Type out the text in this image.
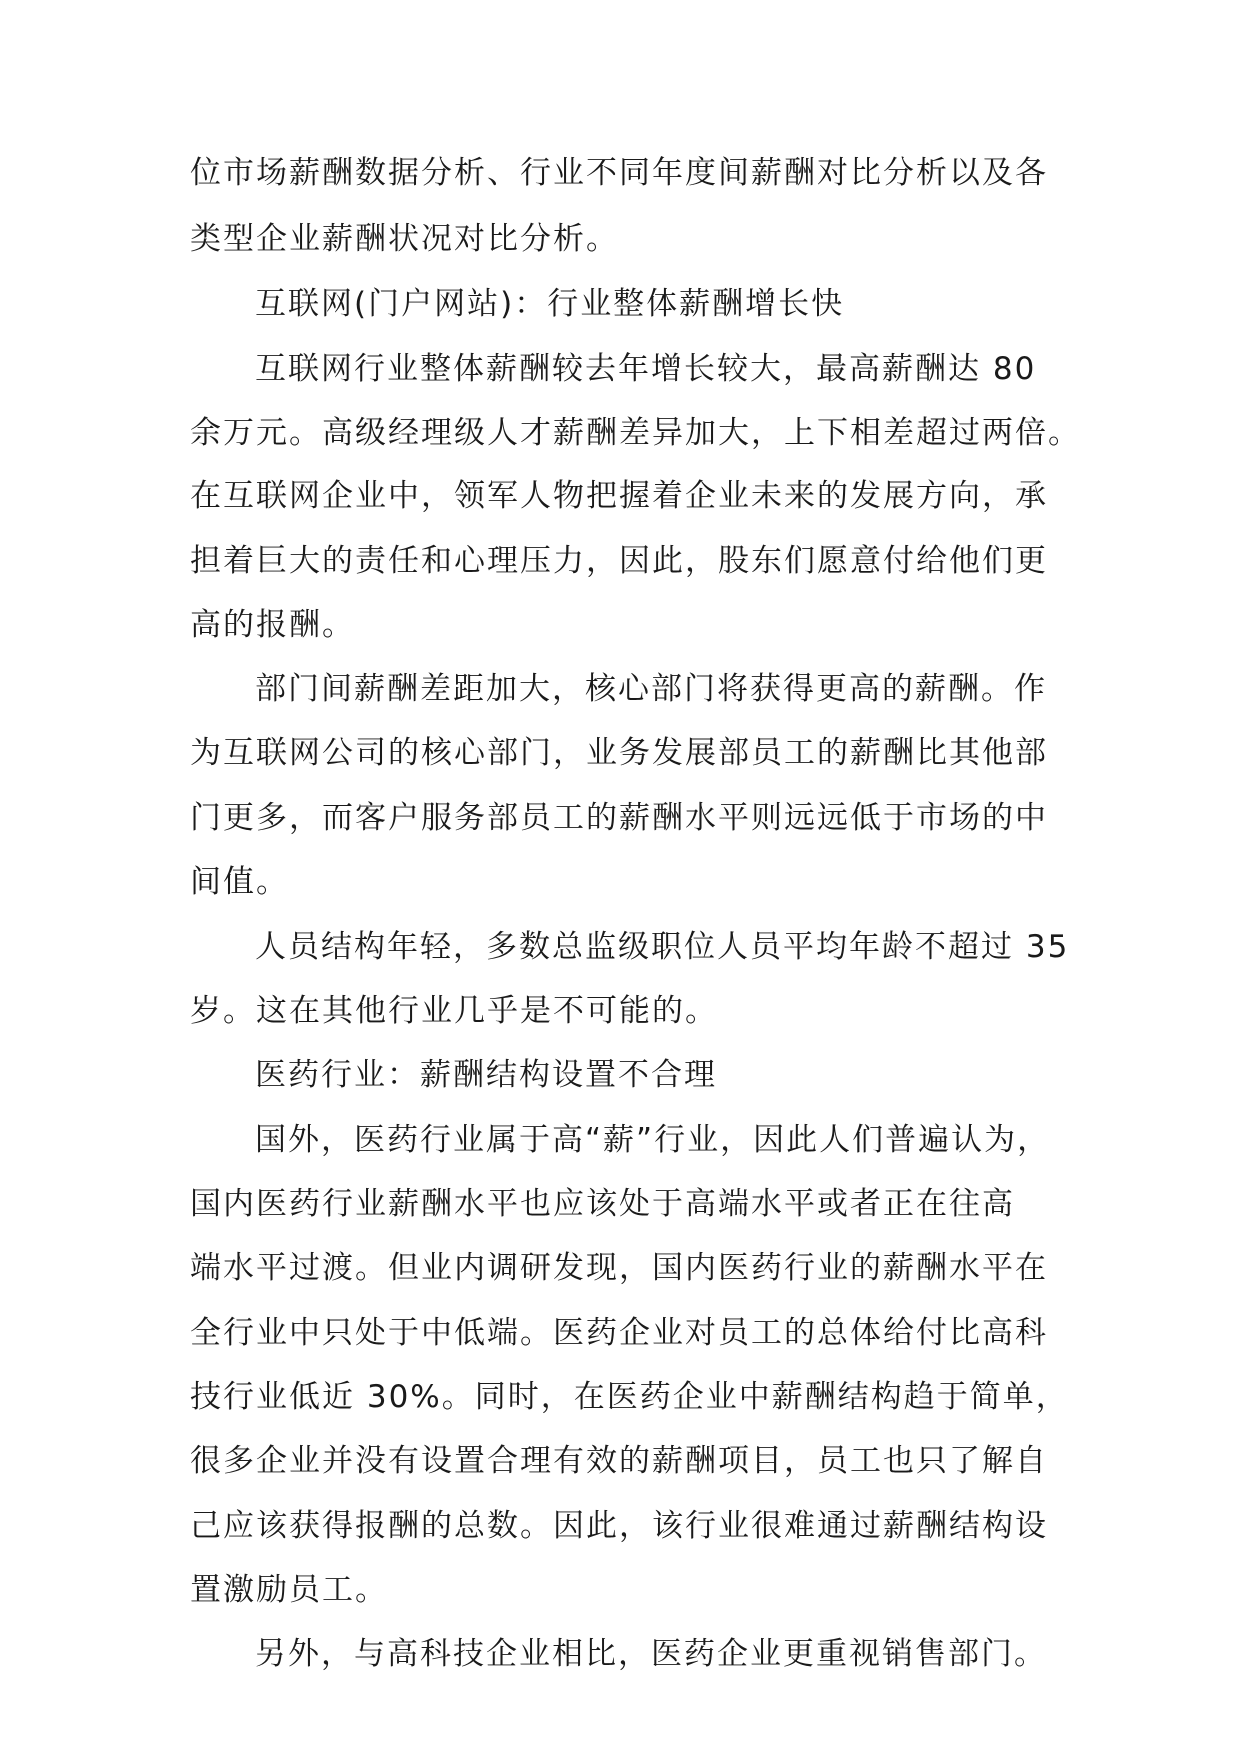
位市场薪酬数据分析、行业不同年度间薪酬对比分析以及各

类型企业薪酬状况对比分析。

互联网(门户网站)：行业整体薪酬增长快

互联网行业整体薪酬较去年增长较大，最高薪酬达 80

余万元。高级经理级人才薪酬差异加大，上下相差超过两倍。

在互联网企业中，领军人物把握着企业未来的发展方向，承

担着巨大的责任和心理压力，因此，股东们愿意付给他们更

高的报酬。

部门间薪酬差距加大，核心部门将获得更高的薪酬。作

为互联网公司的核心部门，业务发展部员工的薪酬比其他部

门更多，而客户服务部员工的薪酬水平则远远低于市场的中

间值。

人员结构年轻，多数总监级职位人员平均年龄不超过 35

岁。这在其他行业几乎是不可能的。

医药行业：薪酬结构设置不合理

国外，医药行业属于高“薪”行业，因此人们普遍认为，

国内医药行业薪酬水平也应该处于高端水平或者正在往高

端水平过渡。但业内调研发现，国内医药行业的薪酬水平在

全行业中只处于中低端。医药企业对员工的总体给付比高科

技行业低近 30%。同时，在医药企业中薪酬结构趋于简单，

很多企业并没有设置合理有效的薪酬项目，员工也只了解自

己应该获得报酬的总数。因此，该行业很难通过薪酬结构设

置激励员工。

另外，与高科技企业相比，医药企业更重视销售部门。
